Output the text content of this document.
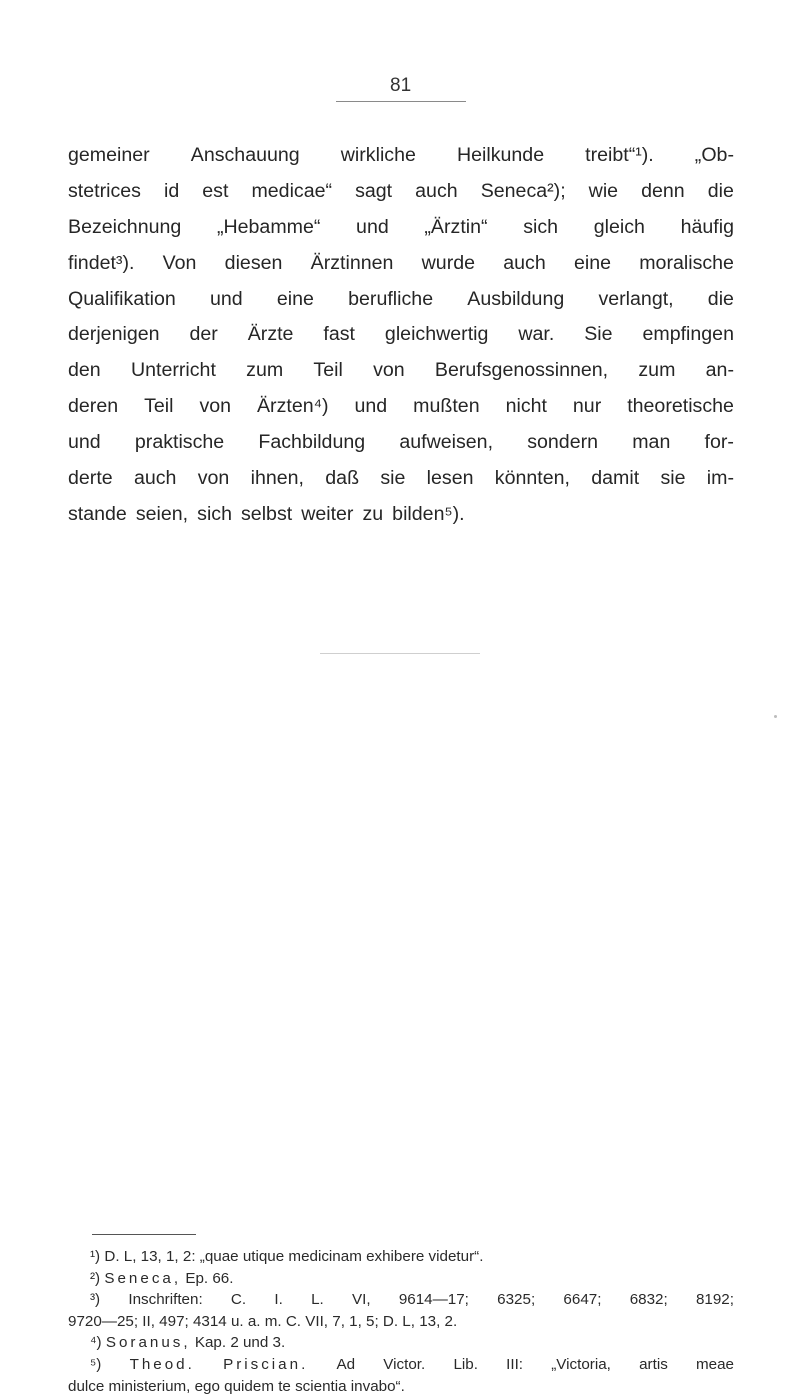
81
gemeiner Anschauung wirkliche Heilkunde treibt“¹). „Ob-
stetrices id est medicae“ sagt auch Seneca²); wie denn die
Bezeichnung „Hebamme“ und „Ärztin“ sich gleich häufig
findet³). Von diesen Ärztinnen wurde auch eine moralische
Qualifikation und eine berufliche Ausbildung verlangt, die
derjenigen der Ärzte fast gleichwertig war. Sie empfingen
den Unterricht zum Teil von Berufsgenossinnen, zum an-
deren Teil von Ärzten⁴) und mußten nicht nur theoretische
und praktische Fachbildung aufweisen, sondern man for-
derte auch von ihnen, daß sie lesen könnten, damit sie im-
stande seien, sich selbst weiter zu bilden⁵).
¹) D. L, 13, 1, 2: „quae utique medicinam exhibere videtur“.
²) Seneca, Ep. 66.
³) Inschriften: C. I. L. VI, 9614—17; 6325; 6647; 6832; 8192;
9720—25; II, 497; 4314 u. a. m. C. VII, 7, 1, 5; D. L, 13, 2.
⁴) Soranus, Kap. 2 und 3.
⁵) Theod. Priscian. Ad Victor. Lib. III: „Victoria, artis meae
dulce ministerium, ego quidem te scientia invabo“.
